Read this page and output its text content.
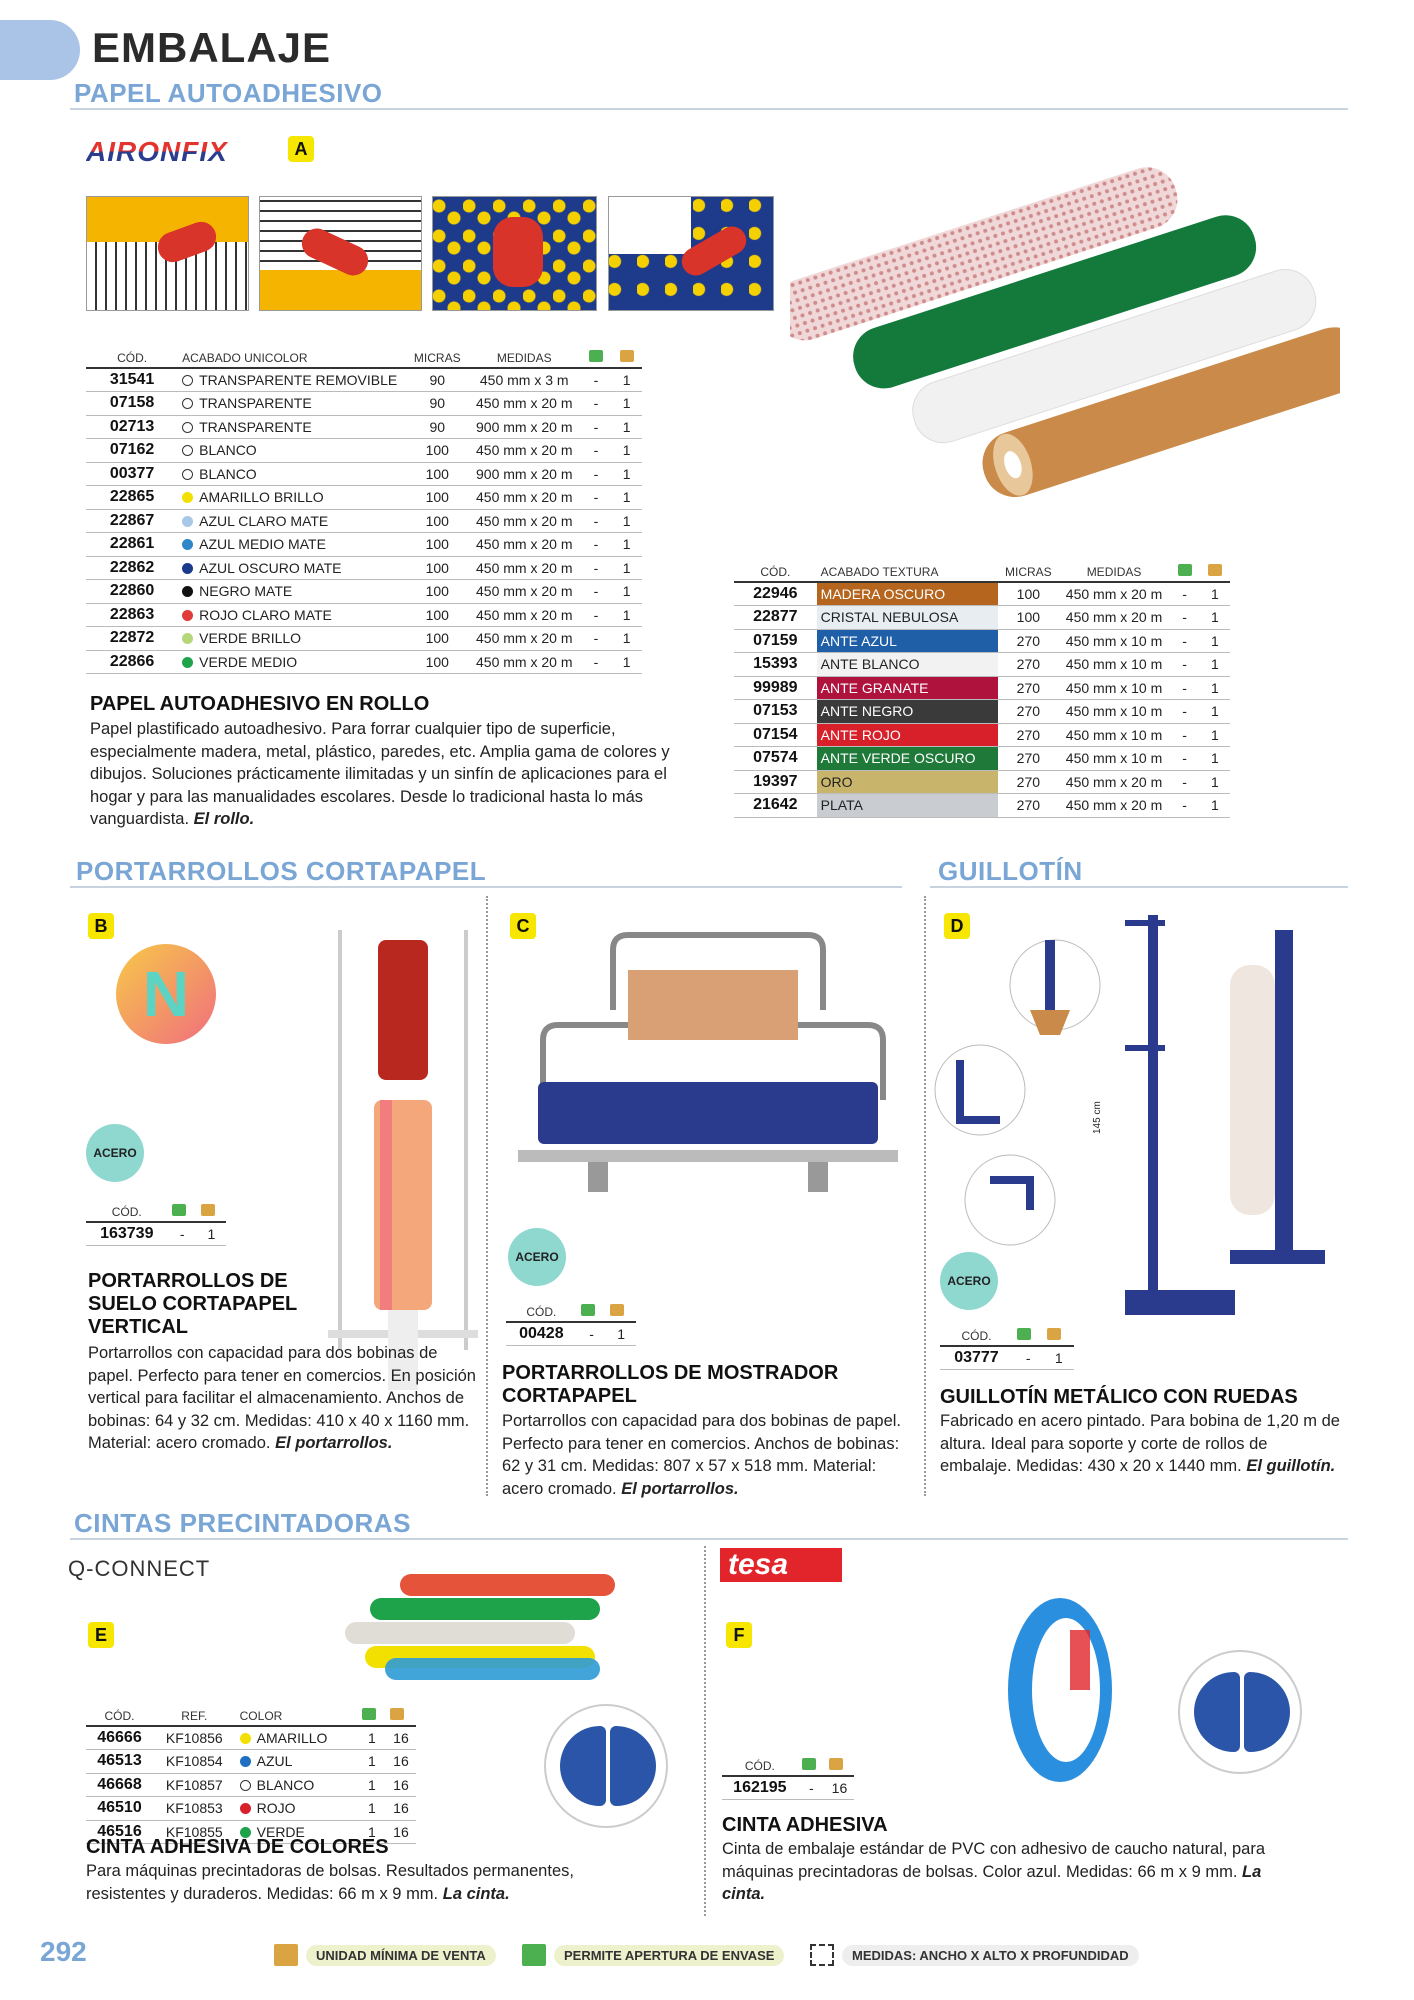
EMBALAJE
PAPEL AUTOADHESIVO
AIRONFIX	A
CÓD.	ACABADO UNICOLOR	MICRAS	MEDIDAS		
31541	TRANSPARENTE REMOVIBLE	90	450 mm x 3 m	-	1
07158	TRANSPARENTE	90	450 mm x 20 m	-	1
02713	TRANSPARENTE	90	900 mm x 20 m	-	1
07162	BLANCO	100	450 mm x 20 m	-	1
00377	BLANCO	100	900 mm x 20 m	-	1
22865	AMARILLO BRILLO	100	450 mm x 20 m	-	1
22867	AZUL CLARO MATE	100	450 mm x 20 m	-	1
22861	AZUL MEDIO MATE	100	450 mm x 20 m	-	1
22862	AZUL OSCURO MATE	100	450 mm x 20 m	-	1
22860	NEGRO MATE	100	450 mm x 20 m	-	1
22863	ROJO CLARO MATE	100	450 mm x 20 m	-	1
22872	VERDE BRILLO	100	450 mm x 20 m	-	1
22866	VERDE MEDIO	100	450 mm x 20 m	-	1
PAPEL AUTOADHESIVO EN ROLLO
Papel plastificado autoadhesivo. Para forrar cualquier tipo de superficie, especialmente madera, metal, plástico, paredes, etc. Amplia gama de colores y dibujos. Soluciones prácticamente ilimitadas y un sinfín de aplicaciones para el hogar y para las manualidades escolares. Desde lo tradicional hasta lo más vanguardista. El rollo.
CÓD.	ACABADO TEXTURA	MICRAS	MEDIDAS		
22946	MADERA OSCURO	100	450 mm x 20 m	-	1
22877	CRISTAL NEBULOSA	100	450 mm x 20 m	-	1
07159	ANTE AZUL	270	450 mm x 10 m	-	1
15393	ANTE BLANCO	270	450 mm x 10 m	-	1
99989	ANTE GRANATE	270	450 mm x 10 m	-	1
07153	ANTE NEGRO	270	450 mm x 10 m	-	1
07154	ANTE ROJO	270	450 mm x 10 m	-	1
07574	ANTE VERDE OSCURO	270	450 mm x 10 m	-	1
19397	ORO	270	450 mm x 20 m	-	1
21642	PLATA	270	450 mm x 20 m	-	1
PORTARROLLOS CORTAPAPEL	GUILLOTÍN
B
N
ACERO
CÓD.		
163739	-	1
PORTARROLLOS DE
SUELO CORTAPAPEL
VERTICAL
Portarrollos con capacidad para dos bobinas de papel. Perfecto para tener en comercios. En posición vertical para facilitar el almacenamiento. Anchos de bobinas: 64 y 32 cm. Medidas: 410 x 40 x 1160 mm. Material: acero cromado. El portarrollos.
C
ACERO
CÓD.		
00428	-	1
PORTARROLLOS DE MOSTRADOR
CORTAPAPEL
Portarrollos con capacidad para dos bobinas de papel. Perfecto para tener en comercios. Anchos de bobinas: 62 y 31 cm. Medidas: 807 x 57 x 518 mm. Material: acero cromado. El portarrollos.
D
145 cm
ACERO
CÓD.		
03777	-	1
GUILLOTÍN METÁLICO CON RUEDAS
Fabricado en acero pintado. Para bobina de 1,20 m de altura. Ideal para soporte y corte de rollos de embalaje. Medidas: 430 x 20 x 1440 mm. El guillotín.
CINTAS PRECINTADORAS
Q-CONNECT
E
CÓD.	REF.	COLOR		
46666	KF10856	AMARILLO	1	16
46513	KF10854	AZUL	1	16
46668	KF10857	BLANCO	1	16
46510	KF10853	ROJO	1	16
46516	KF10855	VERDE	1	16
CINTA ADHESIVA DE COLORES
Para máquinas precintadoras de bolsas. Resultados permanentes, resistentes y duraderos. Medidas: 66 m x 9 mm. La cinta.
tesa
F
CÓD.		
162195	-	16
CINTA ADHESIVA
Cinta de embalaje estándar de PVC con adhesivo de caucho natural, para máquinas precintadoras de bolsas. Color azul. Medidas: 66 m x 9 mm. La cinta.
292	UNIDAD MÍNIMA DE VENTA	PERMITE APERTURA DE ENVASE	MEDIDAS: ANCHO X ALTO X PROFUNDIDAD
